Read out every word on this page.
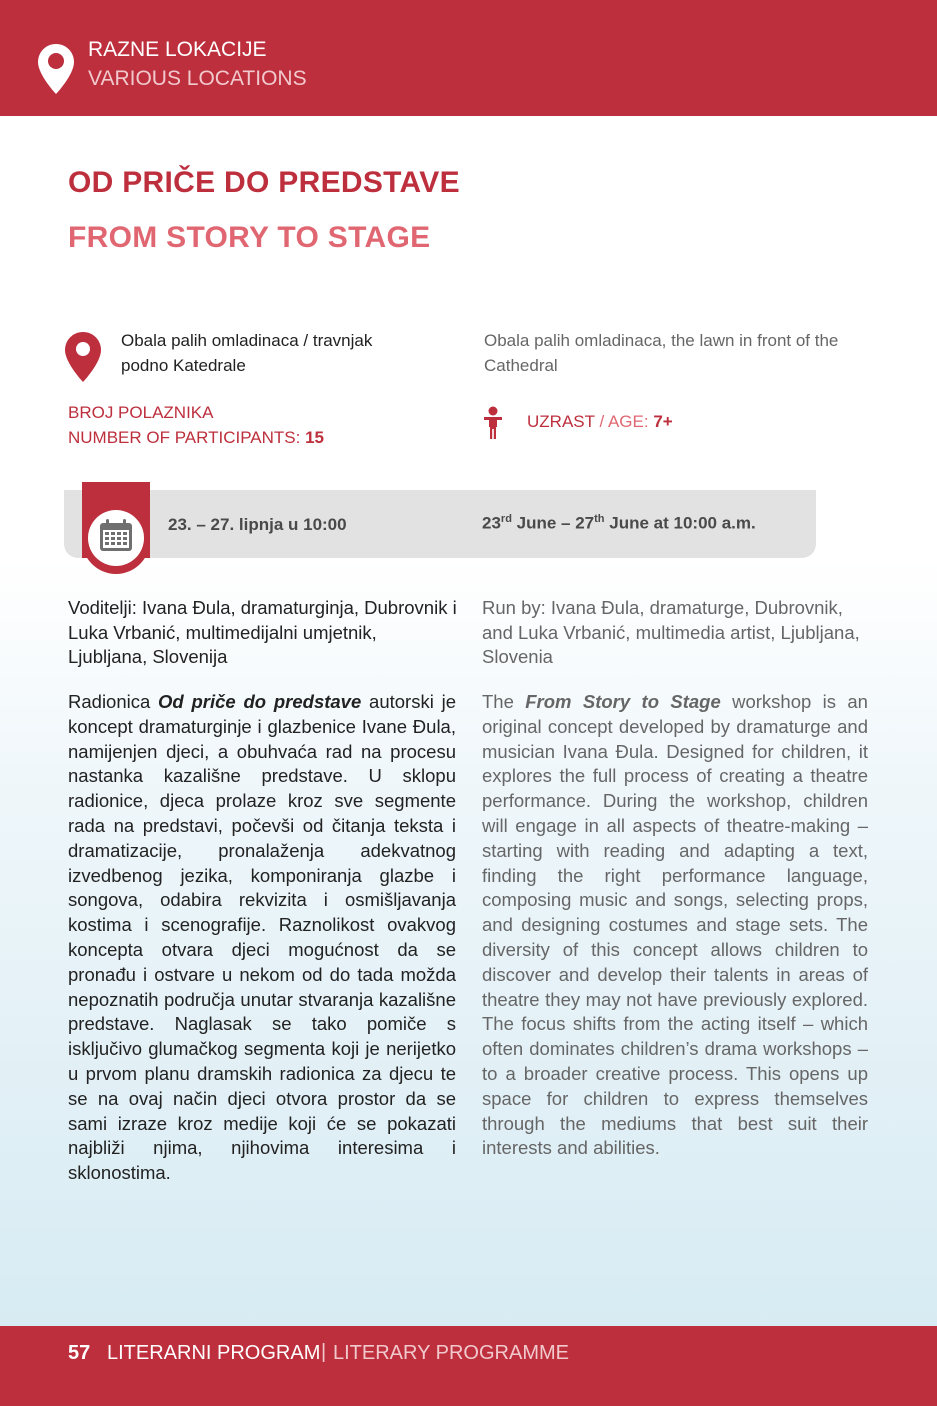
RAZNE LOKACIJE
VARIOUS LOCATIONS
OD PRIČE DO PREDSTAVE
FROM STORY TO STAGE
Obala palih omladinaca / travnjak podno Katedrale
Obala palih omladinaca, the lawn in front of the Cathedral
BROJ POLAZNIKA
NUMBER OF PARTICIPANTS: 15
UZRAST / AGE: 7+
23. – 27. lipnja u 10:00	23rd June – 27th June at 10:00 a.m.
Voditelji: Ivana Đula, dramaturginja, Dubrovnik i Luka Vrbanić, multimedijalni umjetnik, Ljubljana, Slovenija
Run by: Ivana Đula, dramaturge, Dubrovnik, and Luka Vrbanić, multimedia artist, Ljubljana, Slovenia
Radionica Od priče do predstave autorski je koncept dramaturginje i glazbenice Ivane Đula, namijenjen djeci, a obuhvaća rad na procesu nastanka kazališne predstave. U sklopu radionice, djeca prolaze kroz sve segmente rada na predstavi, počevši od čitanja teksta i dramatizacije, pronalaženja adekvatnog izvedbenog jezika, komponiranja glazbe i songova, odabira rekvizita i osmišljavanja kostima i scenografije. Raznolikost ovakvog koncepta otvara djeci mogućnost da se pronađu i ostvare u nekom od do tada možda nepoznatih područja unutar stvaranja kazališne predstave. Naglasak se tako pomiče s isključivo glumačkog segmenta koji je nerijetko u prvom planu dramskih radionica za djecu te se na ovaj način djeci otvora prostor da se sami izraze kroz medije koji će se pokazati najbliži njima, njihovima interesima i sklonostima.
The From Story to Stage workshop is an original concept developed by dramaturge and musician Ivana Đula. Designed for children, it explores the full process of creating a theatre performance. During the workshop, children will engage in all aspects of theatre-making – starting with reading and adapting a text, finding the right performance language, composing music and songs, selecting props, and designing costumes and stage sets. The diversity of this concept allows children to discover and develop their talents in areas of theatre they may not have previously explored. The focus shifts from the acting itself – which often dominates children’s drama workshops – to a broader creative process. This opens up space for children to express themselves through the mediums that best suit their interests and abilities.
57 LITERARNI PROGRAM | LITERARY PROGRAMME
